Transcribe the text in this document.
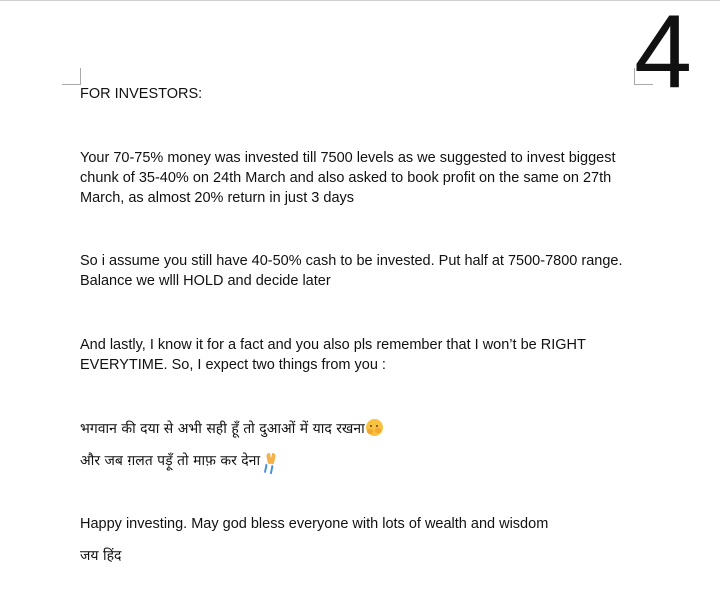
4

FOR INVESTORS:

Your 70-75% money was invested till 7500 levels as we suggested to invest biggest chunk of 35-40% on 24th March and also asked to book profit on the same on 27th March, as almost 20% return in just 3 days

So i assume you still have 40-50% cash to be invested. Put half at 7500-7800 range. Balance we wlll HOLD and decide later

And lastly, I know it for a fact and you also pls remember that I won’t be RIGHT EVERYTIME. So, I expect two things from you :

भगवान की दया से अभी सही हूँ तो दुआओं में याद रखना

और जब ग़लत पड़ूँ तो माफ़ कर देना

Happy investing. May god bless everyone with lots of wealth and wisdom

जय हिंद
